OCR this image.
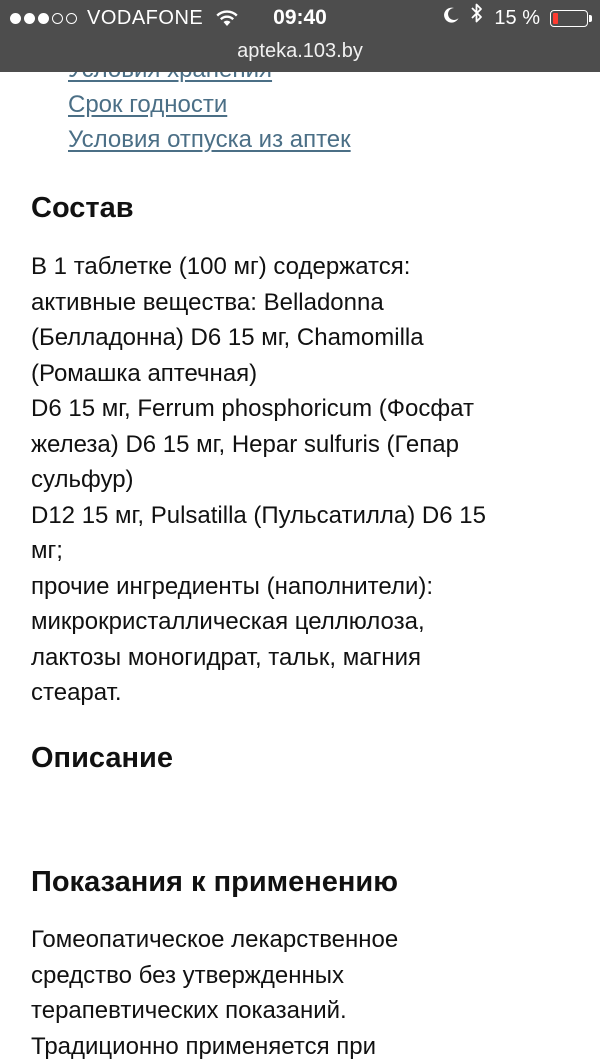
Срок годности
Условия отпуска из аптек
Состав
В 1 таблетке (100 мг) содержатся:
активные вещества: Belladonna
(Белладонна) D6 15 мг, Chamomilla
(Ромашка аптечная)
D6 15 мг, Ferrum phosphoricum (Фосфат
железа) D6 15 мг, Hepar sulfuris (Гепар
сульфур)
D12 15 мг, Pulsatilla (Пульсатилла) D6 15
мг;
прочие ингредиенты (наполнители):
микрокристаллическая целлюлоза,
лактозы моногидрат, тальк, магния
стеарат.
Описание
Показания к применению
Гомеопатическое лекарственное
средство без утвержденных
терапевтических показаний.
Традиционно применяется при
VODAFONE	09:40	15 %
apteka.103.by
